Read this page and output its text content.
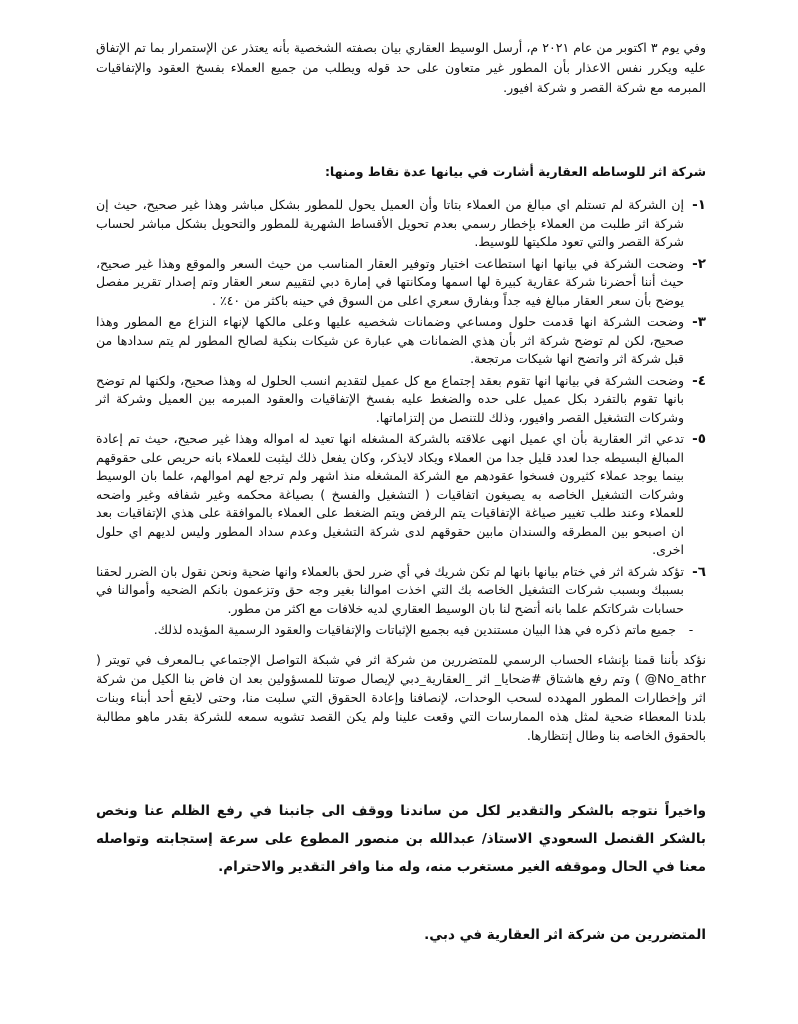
وفي يوم ٣ اكتوبر من عام ٢٠٢١ م، أرسل الوسيط العقاري بيان بصفته الشخصية بأنه يعتذر عن الإستمرار بما تم الإتفاق عليه ويكرر نفس الاعذار بأن المطور غير متعاون على حد قوله ويطلب من جميع العملاء بفسخ العقود والإتفاقيات المبرمه مع شركة القصر و شركة افيور.

شركة اثر للوساطه العقارية أشارت في بيانها عدة نقاط ومنها:

١-
إن الشركة لم تستلم اي مبالغ من العملاء بتاتا وأن العميل يحول للمطور بشكل مباشر وهذا غير صحيح، حيث إن شركة اثر طلبت من العملاء بإخطار رسمي بعدم تحويل الأقساط الشهرية للمطور والتحويل بشكل مباشر لحساب شركة القصر والتي تعود ملكيتها للوسيط.
٢-
وضحت الشركة في بيانها انها استطاعت اختيار وتوفير العقار المناسب من حيث السعر والموقع وهذا غير صحيح، حيث أننا أحضرنا شركة عقارية كبيرة لها اسمها ومكانتها في إمارة دبي لتقييم سعر العقار وتم إصدار تقرير مفصل يوضح بأن سعر العقار مبالغ فيه جداً وبفارق سعري اعلى من السوق في حينه باكثر من ٤٠٪ .
٣-
وضحت الشركة انها قدمت حلول ومساعي وضمانات شخصيه عليها وعلى مالكها لإنهاء النزاع مع المطور وهذا صحيح، لكن لم توضح شركة اثر بأن هذي الضمانات هي عبارة عن شيكات بنكية لصالح المطور لم يتم سدادها من قبل شركة اثر واتضح انها شيكات مرتجعة.
٤-
وضحت الشركة في بيانها انها تقوم بعقد إجتماع مع كل عميل لتقديم انسب الحلول له وهذا صحيح، ولكنها لم توضح بانها تقوم بالتفرد بكل عميل على حده والضغط عليه بفسخ الإتفاقيات والعقود المبرمه بين العميل وشركة اثر وشركات التشغيل القصر وافيور، وذلك للتنصل من إلتزاماتها.
٥-
تدعي اثر العقارية بأن اي عميل انهى علاقته بالشركة المشغله انها تعيد له امواله وهذا غير صحيح، حيث تم إعادة المبالغ البسيطه جدا لعدد قليل جدا من العملاء ويكاد لايذكر، وكان يفعل ذلك ليثبت للعملاء بانه حريص على حقوقهم بينما يوجد عملاء كثيرون فسخوا عقودهم مع الشركة المشغله منذ اشهر ولم ترجع لهم اموالهم، علما بان الوسيط وشركات التشغيل الخاصه به يصيغون اتفاقيات ( التشغيل والفسخ ) بصياغة محكمه وغير شفافه وغير واضحه للعملاء وعند طلب تغيير صياغة الإتفاقيات يتم الرفض ويتم الضغط على العملاء بالموافقة على هذي الإتفاقيات بعد ان اصبحو بين المطرقه والسندان مابين حقوقهم لدى شركة التشغيل وعدم سداد المطور وليس لديهم اي حلول اخرى.
٦-
تؤكد شركة اثر في ختام بيانها بانها لم تكن شريك في أي ضرر لحق بالعملاء وانها ضحية ونحن نقول بان الضرر لحقنا بسببك وبسبب شركات التشغيل الخاصه بك التي اخذت اموالنا بغير وجه حق وتزعمون بانكم الضحيه وأموالنا في حسابات شركاتكم علما بانه أتضح لنا بان الوسيط العقاري لديه خلافات مع اكثر من مطور.
-
جميع ماتم ذكره في هذا البيان مستندين فيه بجميع الإثباتات والإتفاقيات والعقود الرسمية المؤيده لذلك.

نؤكد بأننا قمنا بإنشاء الحساب الرسمي للمتضررين من شركة اثر في شبكة التواصل الإجتماعي بـالمعرف في تويتر ( @No_athr ) وتم رفع هاشتاق #ضحايا_ اثر _العقارية_دبي لإيصال صوتنا للمسؤولين بعد ان فاض بنا الكيل من شركة اثر وإخطارات المطور المهدده لسحب الوحدات، لإنصافنا وإعادة الحقوق التي سلبت منا، وحتى لايقع أحد أبناء وبنات بلدنا المعطاء ضحية لمثل هذه الممارسات التي وقعت علينا ولم يكن القصد تشويه سمعه للشركة بقدر ماهو مطالبة بالحقوق الخاصه بنا وطال إنتظارها.

واخيراً نتوجه بالشكر والتقدير لكل من ساندنا ووقف الى جانبنا في رفع الظلم عنا ونخص بالشكر القنصل السعودي الاستاذ/ عبدالله بن منصور المطوع على سرعة إستجابته وتواصله معنا في الحال وموقفه الغير مستغرب منه، وله منا وافر التقدير والاحترام.

المتضررين من شركة اثر العقارية في دبي.
